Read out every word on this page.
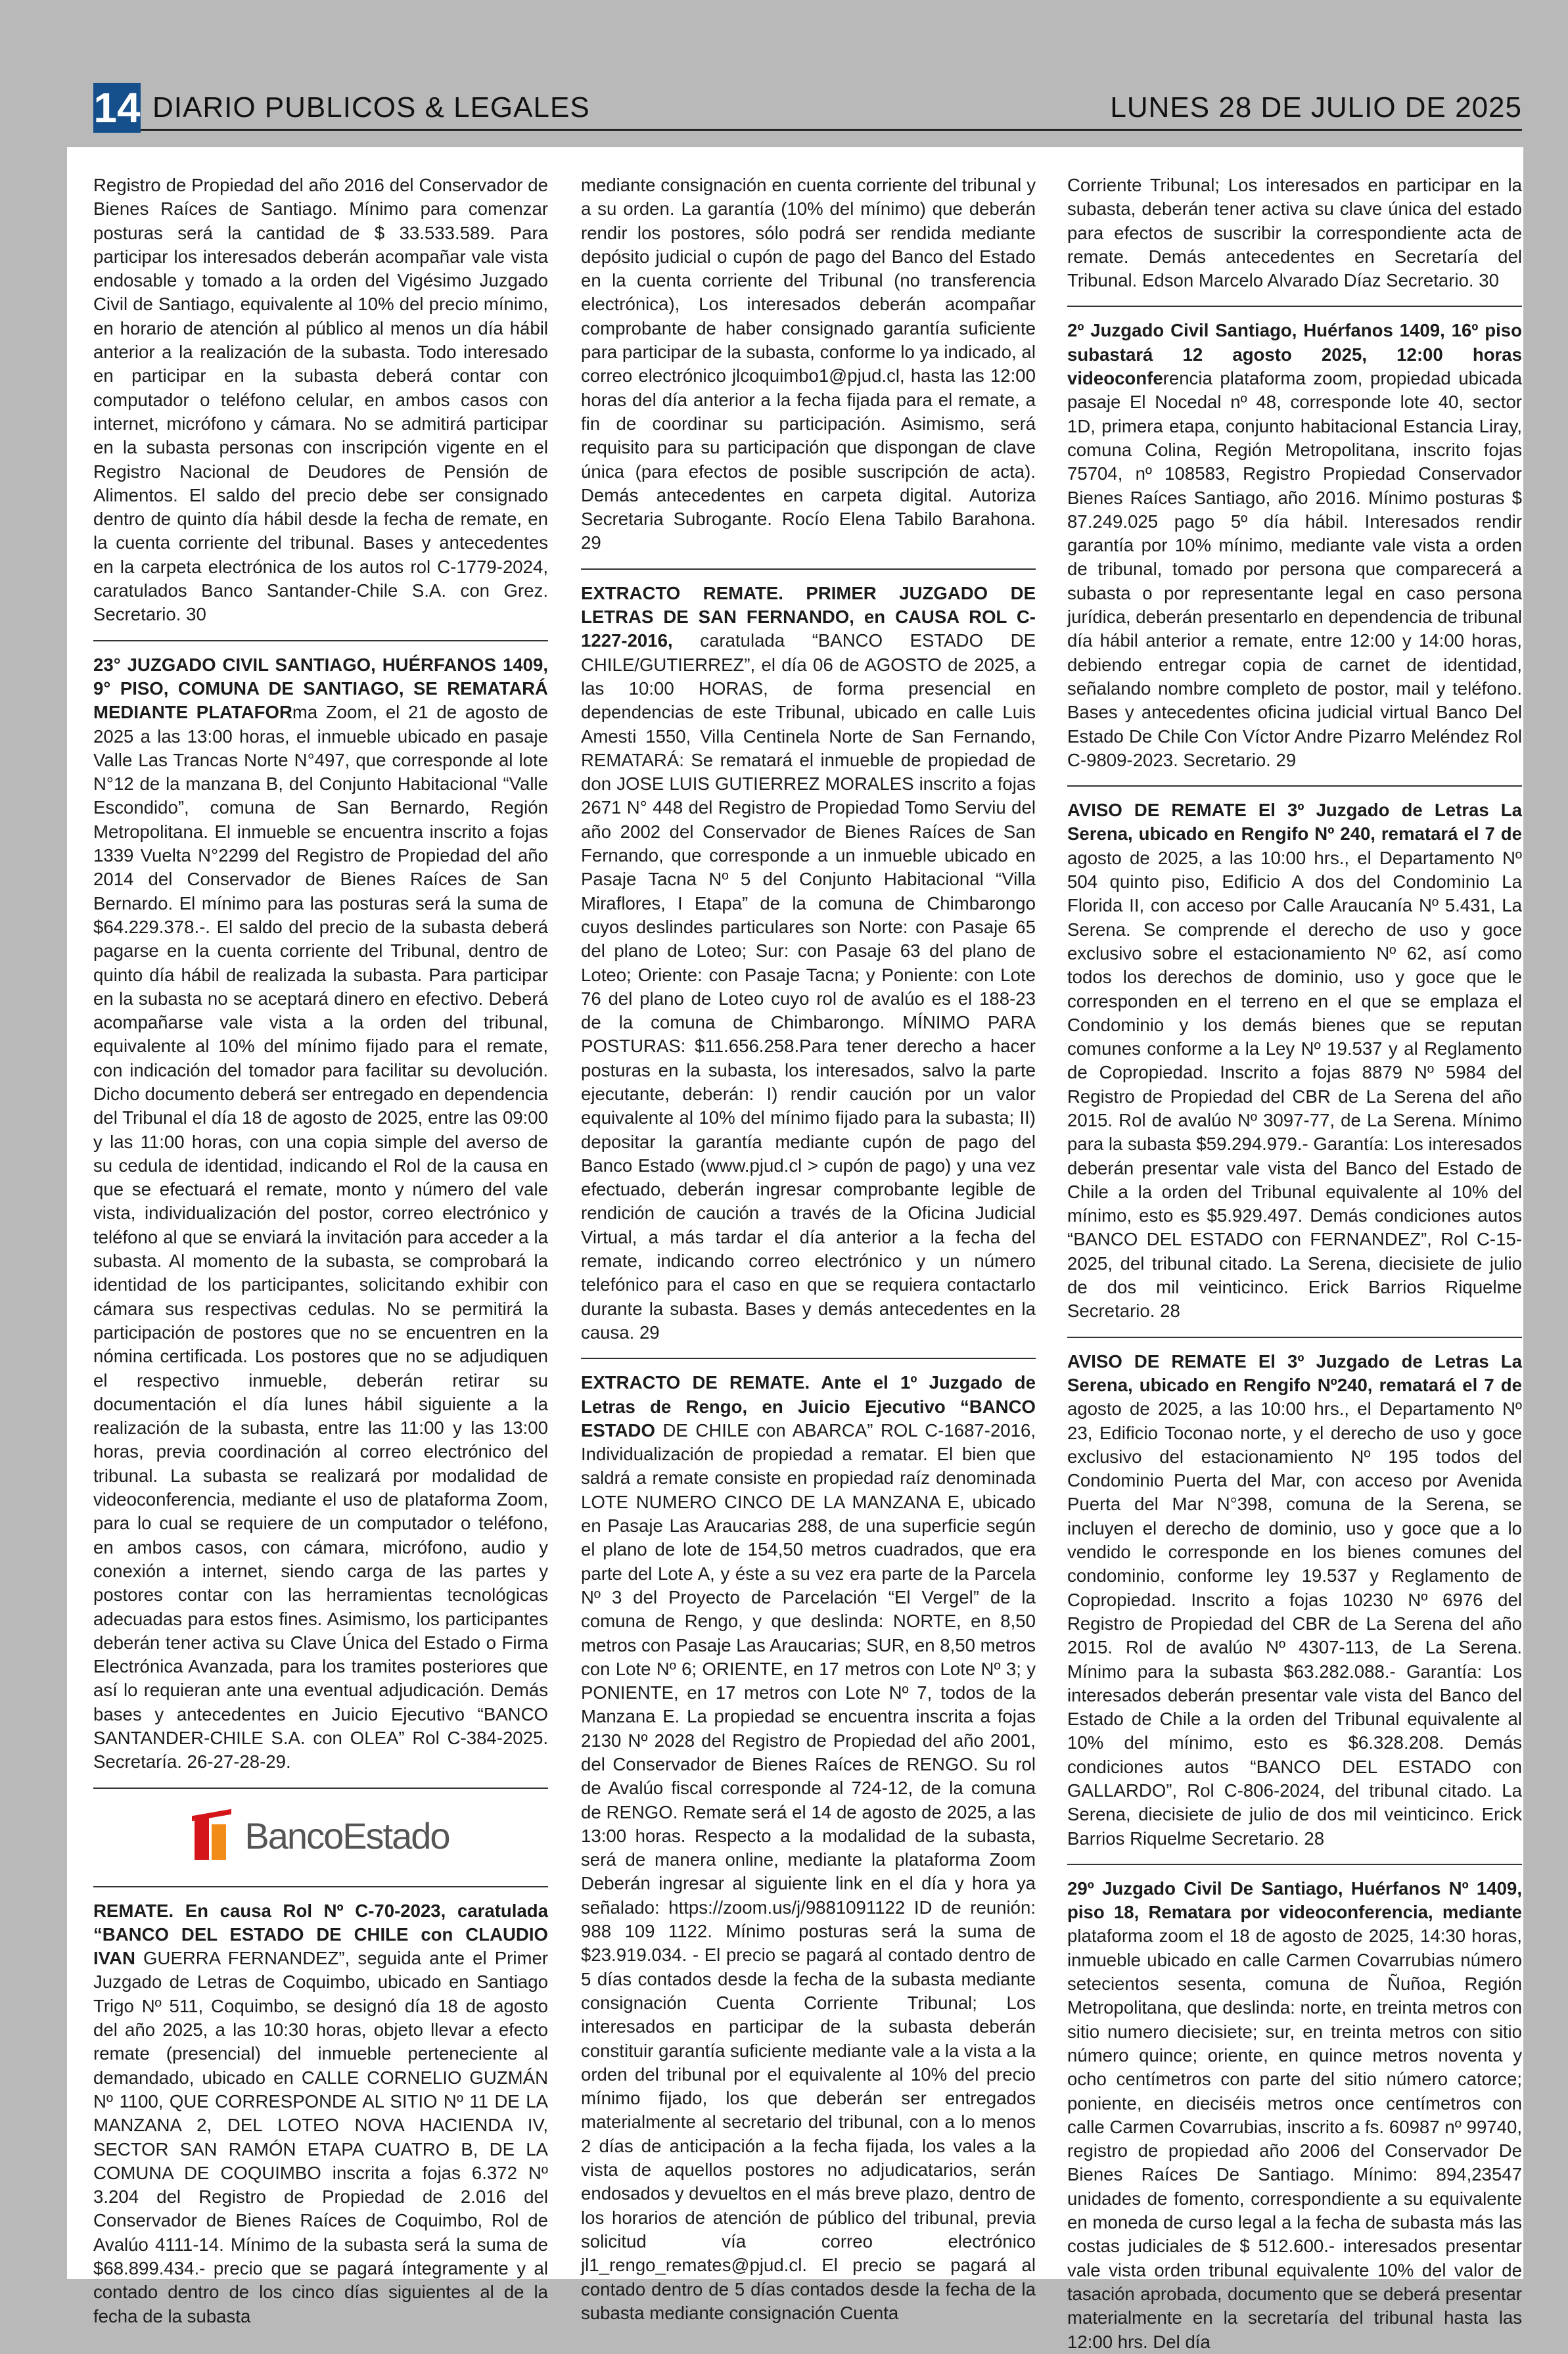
14 DIARIO PUBLICOS & LEGALES	LUNES 28 DE JULIO DE 2025

Registro de Propiedad del año 2016 del Conservador de Bienes Raíces de Santiago. Mínimo para comenzar posturas será la cantidad de $ 33.533.589. Para participar los interesados deberán acompañar vale vista endosable y tomado a la orden del Vigésimo Juzgado Civil de Santiago, equivalente al 10% del precio mínimo, en horario de atención al público al menos un día hábil anterior a la realización de la subasta. Todo interesado en participar en la subasta deberá contar con computador o teléfono celular, en ambos casos con internet, micrófono y cámara. No se admitirá participar en la subasta personas con inscripción vigente en el Registro Nacional de Deudores de Pensión de Alimentos. El saldo del precio debe ser consignado dentro de quinto día hábil desde la fecha de remate, en la cuenta corriente del tribunal. Bases y antecedentes en la carpeta electrónica de los autos rol C-1779-2024, caratulados Banco Santander-Chile S.A. con Grez. Secretario. 30

23° JUZGADO CIVIL SANTIAGO, HUÉRFANOS 1409, 9° PISO, COMUNA DE SANTIAGO, SE REMATARÁ MEDIANTE PLATAFORma Zoom, el 21 de agosto de 2025 a las 13:00 horas, el inmueble ubicado en pasaje Valle Las Trancas Norte N°497, que corresponde al lote N°12 de la manzana B, del Conjunto Habitacional “Valle Escondido”, comuna de San Bernardo, Región Metropolitana. El inmueble se encuentra inscrito a fojas 1339 Vuelta N°2299 del Registro de Propiedad del año 2014 del Conservador de Bienes Raíces de San Bernardo. El mínimo para las posturas será la suma de $64.229.378.-. El saldo del precio de la subasta deberá pagarse en la cuenta corriente del Tribunal, dentro de quinto día hábil de realizada la subasta. Para participar en la subasta no se aceptará dinero en efectivo. Deberá acompañarse vale vista a la orden del tribunal, equivalente al 10% del mínimo fijado para el remate, con indicación del tomador para facilitar su devolución. Dicho documento deberá ser entregado en dependencia del Tribunal el día 18 de agosto de 2025, entre las 09:00 y las 11:00 horas, con una copia simple del averso de su cedula de identidad, indicando el Rol de la causa en que se efectuará el remate, monto y número del vale vista, individualización del postor, correo electrónico y teléfono al que se enviará la invitación para acceder a la subasta. Al momento de la subasta, se comprobará la identidad de los participantes, solicitando exhibir con cámara sus respectivas cedulas. No se permitirá la participación de postores que no se encuentren en la nómina certificada. Los postores que no se adjudiquen el respectivo inmueble, deberán retirar su documentación el día lunes hábil siguiente a la realización de la subasta, entre las 11:00 y las 13:00 horas, previa coordinación al correo electrónico del tribunal. La subasta se realizará por modalidad de videoconferencia, mediante el uso de plataforma Zoom, para lo cual se requiere de un computador o teléfono, en ambos casos, con cámara, micrófono, audio y conexión a internet, siendo carga de las partes y postores contar con las herramientas tecnológicas adecuadas para estos fines. Asimismo, los participantes deberán tener activa su Clave Única del Estado o Firma Electrónica Avanzada, para los tramites posteriores que así lo requieran ante una eventual adjudicación. Demás bases y antecedentes en Juicio Ejecutivo “BANCO SANTANDER-CHILE S.A. con OLEA” Rol C-384-2025. Secretaría. 26-27-28-29.

BancoEstado

REMATE. En causa Rol Nº C-70-2023, caratulada “BANCO DEL ESTADO DE CHILE con CLAUDIO IVAN GUERRA FERNANDEZ”, seguida ante el Primer Juzgado de Letras de Coquimbo, ubicado en Santiago Trigo Nº 511, Coquimbo, se designó día 18 de agosto del año 2025, a las 10:30 horas, objeto llevar a efecto remate (presencial) del inmueble perteneciente al demandado, ubicado en CALLE CORNELIO GUZMÁN Nº 1100, QUE CORRESPONDE AL SITIO Nº 11 DE LA MANZANA 2, DEL LOTEO NOVA HACIENDA IV, SECTOR SAN RAMÓN ETAPA CUATRO B, DE LA COMUNA DE COQUIMBO inscrita a fojas 6.372 Nº 3.204 del Registro de Propiedad de 2.016 del Conservador de Bienes Raíces de Coquimbo, Rol de Avalúo 4111-14. Mínimo de la subasta será la suma de $68.899.434.- precio que se pagará íntegramente y al contado dentro de los cinco días siguientes al de la fecha de la subasta

mediante consignación en cuenta corriente del tribunal y a su orden. La garantía (10% del mínimo) que deberán rendir los postores, sólo podrá ser rendida mediante depósito judicial o cupón de pago del Banco del Estado en la cuenta corriente del Tribunal (no transferencia electrónica), Los interesados deberán acompañar comprobante de haber consignado garantía suficiente para participar de la subasta, conforme lo ya indicado, al correo electrónico jlcoquimbo1@pjud.cl, hasta las 12:00 horas del día anterior a la fecha fijada para el remate, a fin de coordinar su participación. Asimismo, será requisito para su participación que dispongan de clave única (para efectos de posible suscripción de acta). Demás antecedentes en carpeta digital. Autoriza Secretaria Subrogante. Rocío Elena Tabilo Barahona. 29

EXTRACTO REMATE. PRIMER JUZGADO DE LETRAS DE SAN FERNANDO, en CAUSA ROL C-1227-2016, caratulada “BANCO ESTADO DE CHILE/GUTIERREZ”, el día 06 de AGOSTO de 2025, a las 10:00 HORAS, de forma presencial en dependencias de este Tribunal, ubicado en calle Luis Amesti 1550, Villa Centinela Norte de San Fernando, REMATARÁ: Se rematará el inmueble de propiedad de don JOSE LUIS GUTIERREZ MORALES inscrito a fojas 2671 N° 448 del Registro de Propiedad Tomo Serviu del año 2002 del Conservador de Bienes Raíces de San Fernando, que corresponde a un inmueble ubicado en Pasaje Tacna Nº 5 del Conjunto Habitacional “Villa Miraflores, I Etapa” de la comuna de Chimbarongo cuyos deslindes particulares son Norte: con Pasaje 65 del plano de Loteo; Sur: con Pasaje 63 del plano de Loteo; Oriente: con Pasaje Tacna; y Poniente: con Lote 76 del plano de Loteo cuyo rol de avalúo es el 188-23 de la comuna de Chimbarongo. MÍNIMO PARA POSTURAS: $11.656.258.Para tener derecho a hacer posturas en la subasta, los interesados, salvo la parte ejecutante, deberán: I) rendir caución por un valor equivalente al 10% del mínimo fijado para la subasta; II) depositar la garantía mediante cupón de pago del Banco Estado (www.pjud.cl > cupón de pago) y una vez efectuado, deberán ingresar comprobante legible de rendición de caución a través de la Oficina Judicial Virtual, a más tardar el día anterior a la fecha del remate, indicando correo electrónico y un número telefónico para el caso en que se requiera contactarlo durante la subasta. Bases y demás antecedentes en la causa. 29

EXTRACTO DE REMATE. Ante el 1º Juzgado de Letras de Rengo, en Juicio Ejecutivo “BANCO ESTADO DE CHILE con ABARCA” ROL C-1687-2016, Individualización de propiedad a rematar. El bien que saldrá a remate consiste en propiedad raíz denominada LOTE NUMERO CINCO DE LA MANZANA E, ubicado en Pasaje Las Araucarias 288, de una superficie según el plano de lote de 154,50 metros cuadrados, que era parte del Lote A, y éste a su vez era parte de la Parcela Nº 3 del Proyecto de Parcelación “El Vergel” de la comuna de Rengo, y que deslinda: NORTE, en 8,50 metros con Pasaje Las Araucarias; SUR, en 8,50 metros con Lote Nº 6; ORIENTE, en 17 metros con Lote Nº 3; y PONIENTE, en 17 metros con Lote Nº 7, todos de la Manzana E. La propiedad se encuentra inscrita a fojas 2130 Nº 2028 del Registro de Propiedad del año 2001, del Conservador de Bienes Raíces de RENGO. Su rol de Avalúo fiscal corresponde al 724-12, de la comuna de RENGO. Remate será el 14 de agosto de 2025, a las 13:00 horas. Respecto a la modalidad de la subasta, será de manera online, mediante la plataforma Zoom Deberán ingresar al siguiente link en el día y hora ya señalado: https://zoom.us/j/9881091122 ID de reunión: 988 109 1122. Mínimo posturas será la suma de $23.919.034. - El precio se pagará al contado dentro de 5 días contados desde la fecha de la subasta mediante consignación Cuenta Corriente Tribunal; Los interesados en participar de la subasta deberán constituir garantía suficiente mediante vale a la vista a la orden del tribunal por el equivalente al 10% del precio mínimo fijado, los que deberán ser entregados materialmente al secretario del tribunal, con a lo menos 2 días de anticipación a la fecha fijada, los vales a la vista de aquellos postores no adjudicatarios, serán endosados y devueltos en el más breve plazo, dentro de los horarios de atención de público del tribunal, previa solicitud vía correo electrónico jl1_rengo_remates@pjud.cl. El precio se pagará al contado dentro de 5 días contados desde la fecha de la subasta mediante consignación Cuenta

Corriente Tribunal; Los interesados en participar en la subasta, deberán tener activa su clave única del estado para efectos de suscribir la correspondiente acta de remate. Demás antecedentes en Secretaría del Tribunal. Edson Marcelo Alvarado Díaz Secretario. 30

2º Juzgado Civil Santiago, Huérfanos 1409, 16º piso subastará 12 agosto 2025, 12:00 horas videoconferencia plataforma zoom, propiedad ubicada pasaje El Nocedal nº 48, corresponde lote 40, sector 1D, primera etapa, conjunto habitacional Estancia Liray, comuna Colina, Región Metropolitana, inscrito fojas 75704, nº 108583, Registro Propiedad Conservador Bienes Raíces Santiago, año 2016. Mínimo posturas $ 87.249.025 pago 5º día hábil. Interesados rendir garantía por 10% mínimo, mediante vale vista a orden de tribunal, tomado por persona que comparecerá a subasta o por representante legal en caso persona jurídica, deberán presentarlo en dependencia de tribunal día hábil anterior a remate, entre 12:00 y 14:00 horas, debiendo entregar copia de carnet de identidad, señalando nombre completo de postor, mail y teléfono. Bases y antecedentes oficina judicial virtual Banco Del Estado De Chile Con Víctor Andre Pizarro Meléndez Rol C-9809-2023. Secretario. 29

AVISO DE REMATE El 3º Juzgado de Letras La Serena, ubicado en Rengifo Nº 240, rematará el 7 de agosto de 2025, a las 10:00 hrs., el Departamento Nº 504 quinto piso, Edificio A dos del Condominio La Florida II, con acceso por Calle Araucanía Nº 5.431, La Serena. Se comprende el derecho de uso y goce exclusivo sobre el estacionamiento Nº 62, así como todos los derechos de dominio, uso y goce que le corresponden en el terreno en el que se emplaza el Condominio y los demás bienes que se reputan comunes conforme a la Ley Nº 19.537 y al Reglamento de Copropiedad. Inscrito a fojas 8879 Nº 5984 del Registro de Propiedad del CBR de La Serena del año 2015. Rol de avalúo Nº 3097-77, de La Serena. Mínimo para la subasta $59.294.979.- Garantía: Los interesados deberán presentar vale vista del Banco del Estado de Chile a la orden del Tribunal equivalente al 10% del mínimo, esto es $5.929.497. Demás condiciones autos “BANCO DEL ESTADO con FERNANDEZ”, Rol C-15-2025, del tribunal citado. La Serena, diecisiete de julio de dos mil veinticinco. Erick Barrios Riquelme Secretario. 28

AVISO DE REMATE El 3º Juzgado de Letras La Serena, ubicado en Rengifo Nº240, rematará el 7 de agosto de 2025, a las 10:00 hrs., el Departamento Nº 23, Edificio Toconao norte, y el derecho de uso y goce exclusivo del estacionamiento Nº 195 todos del Condominio Puerta del Mar, con acceso por Avenida Puerta del Mar N°398, comuna de la Serena, se incluyen el derecho de dominio, uso y goce que a lo vendido le corresponde en los bienes comunes del condominio, conforme ley 19.537 y Reglamento de Copropiedad. Inscrito a fojas 10230 Nº 6976 del Registro de Propiedad del CBR de La Serena del año 2015. Rol de avalúo Nº 4307-113, de La Serena. Mínimo para la subasta $63.282.088.- Garantía: Los interesados deberán presentar vale vista del Banco del Estado de Chile a la orden del Tribunal equivalente al 10% del mínimo, esto es $6.328.208. Demás condiciones autos “BANCO DEL ESTADO con GALLARDO”, Rol C-806-2024, del tribunal citado. La Serena, diecisiete de julio de dos mil veinticinco. Erick Barrios Riquelme Secretario. 28

29º Juzgado Civil De Santiago, Huérfanos Nº 1409, piso 18, Rematara por videoconferencia, mediante plataforma zoom el 18 de agosto de 2025, 14:30 horas, inmueble ubicado en calle Carmen Covarrubias número setecientos sesenta, comuna de Ñuñoa, Región Metropolitana, que deslinda: norte, en treinta metros con sitio numero diecisiete; sur, en treinta metros con sitio número quince; oriente, en quince metros noventa y ocho centímetros con parte del sitio número catorce; poniente, en dieciséis metros once centímetros con calle Carmen Covarrubias, inscrito a fs. 60987 nº 99740, registro de propiedad año 2006 del Conservador De Bienes Raíces De Santiago. Mínimo: 894,23547 unidades de fomento, correspondiente a su equivalente en moneda de curso legal a la fecha de subasta más las costas judiciales de $ 512.600.- interesados presentar vale vista orden tribunal equivalente 10% del valor de tasación aprobada, documento que se deberá presentar materialmente en la secretaría del tribunal hasta las 12:00 hrs. Del día
